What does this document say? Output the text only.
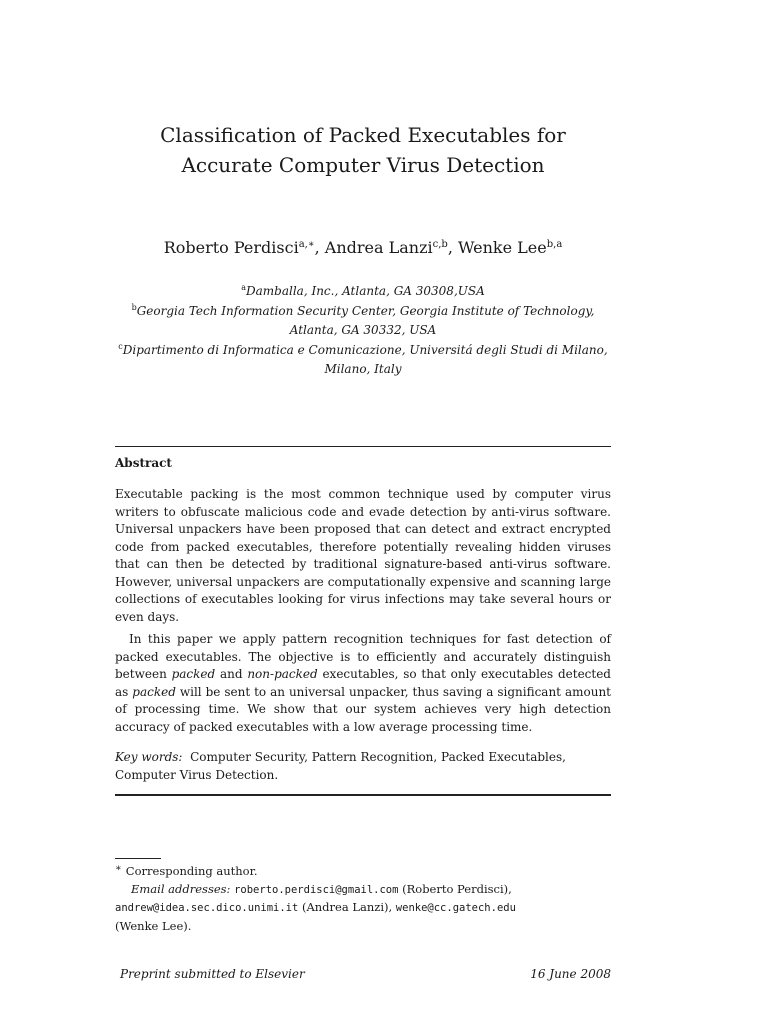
Classification of Packed Executables for
Accurate Computer Virus Detection
Roberto Perdisci$^{a,∗}$, Andrea Lanzi$^{c,b}$, Wenke Lee$^{b,a}$

$^a$Damballa, Inc., Atlanta, GA 30308,USA

$^b$Georgia Tech Information Security Center, Georgia Institute of Technology,
Atlanta, GA 30332, USA

$^c$Dipartimento di Informatica e Comunicazione, Universitá degli Studi di Milano,
Milano, Italy

Abstract

Executable packing is the most common technique used by computer virus writers to obfuscate malicious code and evade detection by anti-virus software. Universal unpackers have been proposed that can detect and extract encrypted code from packed executables, therefore potentially revealing hidden viruses that can then be detected by traditional signature-based anti-virus software. However, universal unpackers are computationally expensive and scanning large collections of executables looking for virus infections may take several hours or even days.

In this paper we apply pattern recognition techniques for fast detection of packed executables. The objective is to efficiently and accurately distinguish between packed and non-packed executables, so that only executables detected as packed will be sent to an universal unpacker, thus saving a significant amount of processing time. We show that our system achieves very high detection accuracy of packed executables with a low average processing time.

Key words: Computer Security, Pattern Recognition, Packed Executables, Computer Virus Detection.
∗ Corresponding author.
Email addresses: roberto.perdisci@gmail.com (Roberto Perdisci),
andrew@idea.sec.dico.unimi.it (Andrea Lanzi), wenke@cc.gatech.edu
(Wenke Lee).
Preprint submitted to Elsevier	16 June 2008
